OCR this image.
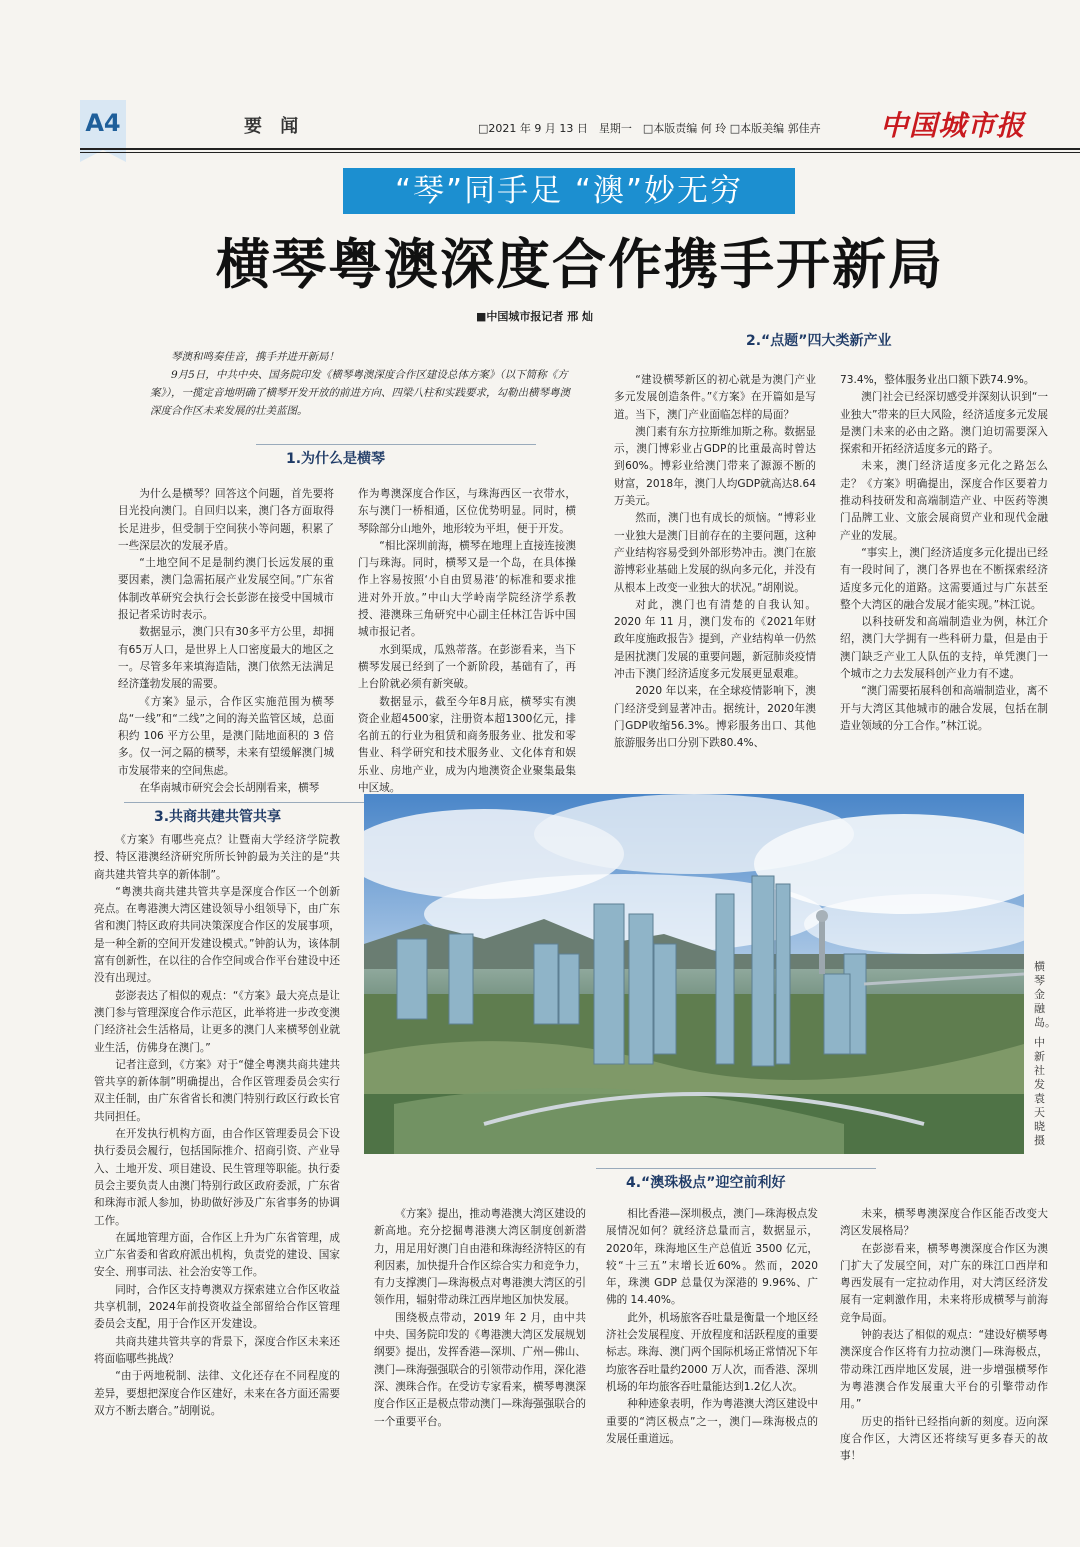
A4	要 闻	□2021 年 9 月 13 日　星期一　□本版责编 何 玲 □本版美编 郭佳卉 中国城市报
“琴”同手足 “澳”妙无穷
横琴粤澳深度合作携手开新局
■中国城市报记者 邢 灿
2.“点题”四大类新产业

琴澳和鸣奏佳音，携手并进开新局！

9月5日，中共中央、国务院印发《横琴粤澳深度合作区建设总体方案》（以下简称《方案》），一揽定音地明确了横琴开发开放的前进方向、四梁八柱和实践要求，勾勒出横琴粤澳深度合作区未来发展的壮美蓝图。

1.为什么是横琴

为什么是横琴？回答这个问题，首先要将目光投向澳门。自回归以来，澳门各方面取得长足进步，但受制于空间狭小等问题，积累了一些深层次的发展矛盾。

“土地空间不足是制约澳门长远发展的重要因素，澳门急需拓展产业发展空间。”广东省体制改革研究会执行会长彭澎在接受中国城市报记者采访时表示。

数据显示，澳门只有30多平方公里，却拥有65万人口，是世界上人口密度最大的地区之一。尽管多年来填海造陆，澳门依然无法满足经济蓬勃发展的需要。

《方案》显示，合作区实施范围为横琴岛“一线”和“二线”之间的海关监管区域，总面积约 106 平方公里，是澳门陆地面积的 3 倍多。仅一河之隔的横琴，未来有望缓解澳门城市发展带来的空间焦虑。

在华南城市研究会会长胡刚看来，横琴

作为粤澳深度合作区，与珠海西区一衣带水，东与澳门一桥相通，区位优势明显。同时，横琴除部分山地外，地形较为平坦，便于开发。

“相比深圳前海，横琴在地理上直接连接澳门与珠海。同时，横琴又是一个岛，在具体操作上容易按照‘小自由贸易港’的标准和要求推进对外开放。”中山大学岭南学院经济学系教授、港澳珠三角研究中心副主任林江告诉中国城市报记者。

水到渠成，瓜熟蒂落。在彭澎看来，当下横琴发展已经到了一个新阶段，基础有了，再上台阶就必须有新突破。

数据显示，截至今年8月底，横琴实有澳资企业超4500家，注册资本超1300亿元，排名前五的行业为租赁和商务服务业、批发和零售业、科学研究和技术服务业、文化体育和娱乐业、房地产业，成为内地澳资企业聚集最集中区域。

“建设横琴新区的初心就是为澳门产业多元发展创造条件。”《方案》在开篇如是写道。当下，澳门产业面临怎样的局面？

澳门素有东方拉斯维加斯之称。数据显示，澳门博彩业占GDP的比重最高时曾达到60%。博彩业给澳门带来了源源不断的财富，2018年，澳门人均GDP就高达8.64万美元。

然而，澳门也有成长的烦恼。“博彩业一业独大是澳门目前存在的主要问题，这种产业结构容易受到外部形势冲击。澳门在旅游博彩业基础上发展的纵向多元化，并没有从根本上改变一业独大的状况。”胡刚说。

对此，澳门也有清楚的自我认知。2020 年 11 月，澳门发布的《2021年财政年度施政报告》提到，产业结构单一仍然是困扰澳门发展的重要问题，新冠肺炎疫情冲击下澳门经济适度多元发展更显艰难。

2020 年以来，在全球疫情影响下，澳门经济受到显著冲击。据统计，2020年澳门GDP收缩56.3%。博彩服务出口、其他旅游服务出口分别下跌80.4%、

73.4%，整体服务业出口额下跌74.9%。

澳门社会已经深切感受并深刻认识到“一业独大”带来的巨大风险，经济适度多元发展是澳门未来的必由之路。澳门迫切需要深入探索和开拓经济适度多元的路子。

未来，澳门经济适度多元化之路怎么走？《方案》明确提出，深度合作区要着力推动科技研发和高端制造产业、中医药等澳门品牌工业、文旅会展商贸产业和现代金融产业的发展。

“事实上，澳门经济适度多元化提出已经有一段时间了，澳门各界也在不断探索经济适度多元化的道路。这需要通过与广东甚至整个大湾区的融合发展才能实现。”林江说。

以科技研发和高端制造业为例，林江介绍，澳门大学拥有一些科研力量，但是由于澳门缺乏产业工人队伍的支持，单凭澳门一个城市之力去发展科创产业力有不逮。

“澳门需要拓展科创和高端制造业，离不开与大湾区其他城市的融合发展，包括在制造业领域的分工合作。”林江说。

3.共商共建共管共享

《方案》有哪些亮点？让暨南大学经济学院教授、特区港澳经济研究所所长钟韵最为关注的是“共商共建共管共享的新体制”。

“粤澳共商共建共管共享是深度合作区一个创新亮点。在粤港澳大湾区建设领导小组领导下，由广东省和澳门特区政府共同决策深度合作区的发展事项，是一种全新的空间开发建设模式。”钟韵认为，该体制富有创新性，在以往的合作空间或合作平台建设中还没有出现过。

彭澎表达了相似的观点：“《方案》最大亮点是让澳门参与管理深度合作示范区，此举将进一步改变澳门经济社会生活格局，让更多的澳门人来横琴创业就业生活，仿佛身在澳门。”

记者注意到，《方案》对于“健全粤澳共商共建共管共享的新体制”明确提出，合作区管理委员会实行双主任制，由广东省省长和澳门特别行政区行政长官共同担任。

在开发执行机构方面，由合作区管理委员会下设执行委员会履行，包括国际推介、招商引资、产业导入、土地开发、项目建设、民生管理等职能。执行委员会主要负责人由澳门特别行政区政府委派，广东省和珠海市派人参加，协助做好涉及广东省事务的协调工作。

在属地管理方面，合作区上升为广东省管理，成立广东省委和省政府派出机构，负责党的建设、国家安全、刑事司法、社会治安等工作。

同时，合作区支持粤澳双方探索建立合作区收益共享机制，2024年前投资收益全部留给合作区管理委员会支配，用于合作区开发建设。

共商共建共管共享的背景下，深度合作区未来还将面临哪些挑战？

“由于两地税制、法律、文化还存在不同程度的差异，要想把深度合作区建好，未来在各方面还需要双方不断去磨合。”胡刚说。

横琴金融岛。
中新社发 袁天晓摄
4.“澳珠极点”迎空前利好

《方案》提出，推动粤港澳大湾区建设的新高地。充分挖掘粤港澳大湾区制度创新潜力，用足用好澳门自由港和珠海经济特区的有利因素，加快提升合作区综合实力和竞争力，有力支撑澳门—珠海极点对粤港澳大湾区的引领作用，辐射带动珠江西岸地区加快发展。

围绕极点带动，2019 年 2 月，由中共中央、国务院印发的《粤港澳大湾区发展规划纲要》提出，发挥香港—深圳、广州—佛山、澳门—珠海强强联合的引领带动作用，深化港深、澳珠合作。在受访专家看来，横琴粤澳深度合作区正是极点带动澳门—珠海强强联合的一个重要平台。

相比香港—深圳极点，澳门—珠海极点发展情况如何？就经济总量而言，数据显示，2020年，珠海地区生产总值近 3500 亿元，较“十三五”末增长近60%。然而，2020 年，珠澳 GDP 总量仅为深港的 9.96%、广佛的 14.40%。

此外，机场旅客吞吐量是衡量一个地区经济社会发展程度、开放程度和活跃程度的重要标志。珠海、澳门两个国际机场正常情况下年均旅客吞吐量约2000 万人次，而香港、深圳机场的年均旅客吞吐量能达到1.2亿人次。

种种迹象表明，作为粤港澳大湾区建设中重要的“湾区极点”之一，澳门—珠海极点的发展任重道远。

未来，横琴粤澳深度合作区能否改变大湾区发展格局？

在彭澎看来，横琴粤澳深度合作区为澳门扩大了发展空间，对广东的珠江口西岸和粤西发展有一定拉动作用，对大湾区经济发展有一定刺激作用，未来将形成横琴与前海竞争局面。

钟韵表达了相似的观点：“建设好横琴粤澳深度合作区将有力拉动澳门—珠海极点，带动珠江西岸地区发展，进一步增强横琴作为粤港澳合作发展重大平台的引擎带动作用。”

历史的指针已经指向新的刻度。迈向深度合作区，大湾区还将续写更多春天的故事！
